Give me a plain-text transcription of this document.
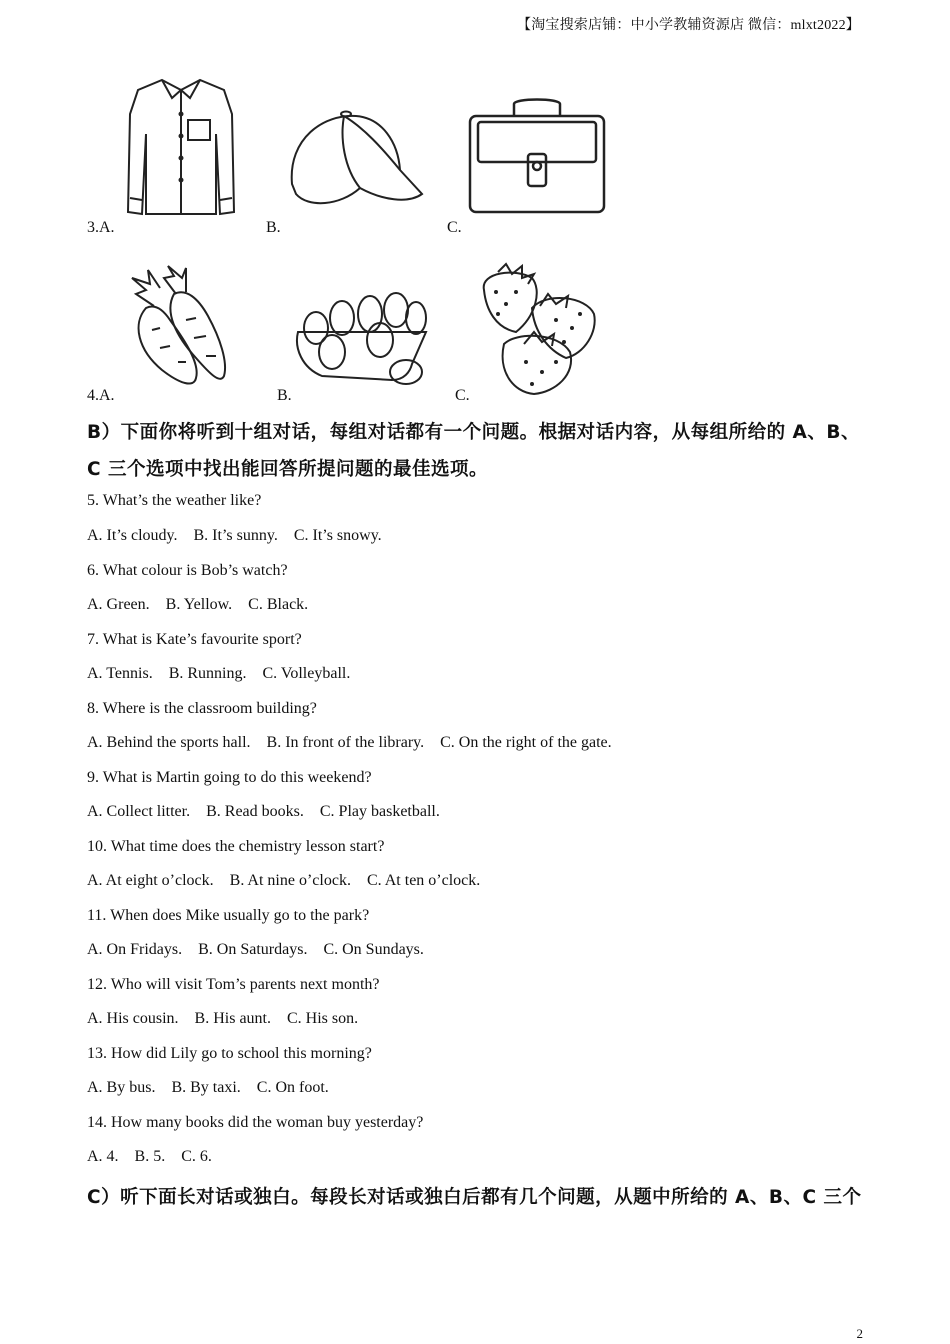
【淘宝搜索店铺：中小学教辅资源店 微信：mlxt2022】
3.A.	B.	C.
4.A.	B.	C.
B）下面你将听到十组对话，每组对话都有一个问题。根据对话内容，从每组所给的 A、B、
C 三个选项中找出能回答所提问题的最佳选项。
5. What’s the weather like?
A. It’s cloudy.    B. It’s sunny.    C. It’s snowy.
6. What colour is Bob’s watch?
A. Green.    B. Yellow.    C. Black.
7. What is Kate’s favourite sport?
A. Tennis.    B. Running.    C. Volleyball.
8. Where is the classroom building?
A. Behind the sports hall.    B. In front of the library.    C. On the right of the gate.
9. What is Martin going to do this weekend?
A. Collect litter.    B. Read books.    C. Play basketball.
10. What time does the chemistry lesson start?
A. At eight o’clock.    B. At nine o’clock.    C. At ten o’clock.
11. When does Mike usually go to the park?
A. On Fridays.    B. On Saturdays.    C. On Sundays.
12. Who will visit Tom’s parents next month?
A. His cousin.    B. His aunt.    C. His son.
13. How did Lily go to school this morning?
A. By bus.    B. By taxi.    C. On foot.
14. How many books did the woman buy yesterday?
A. 4.    B. 5.    C. 6.
C）听下面长对话或独白。每段长对话或独白后都有几个问题，从题中所给的 A、B、C 三个
2
